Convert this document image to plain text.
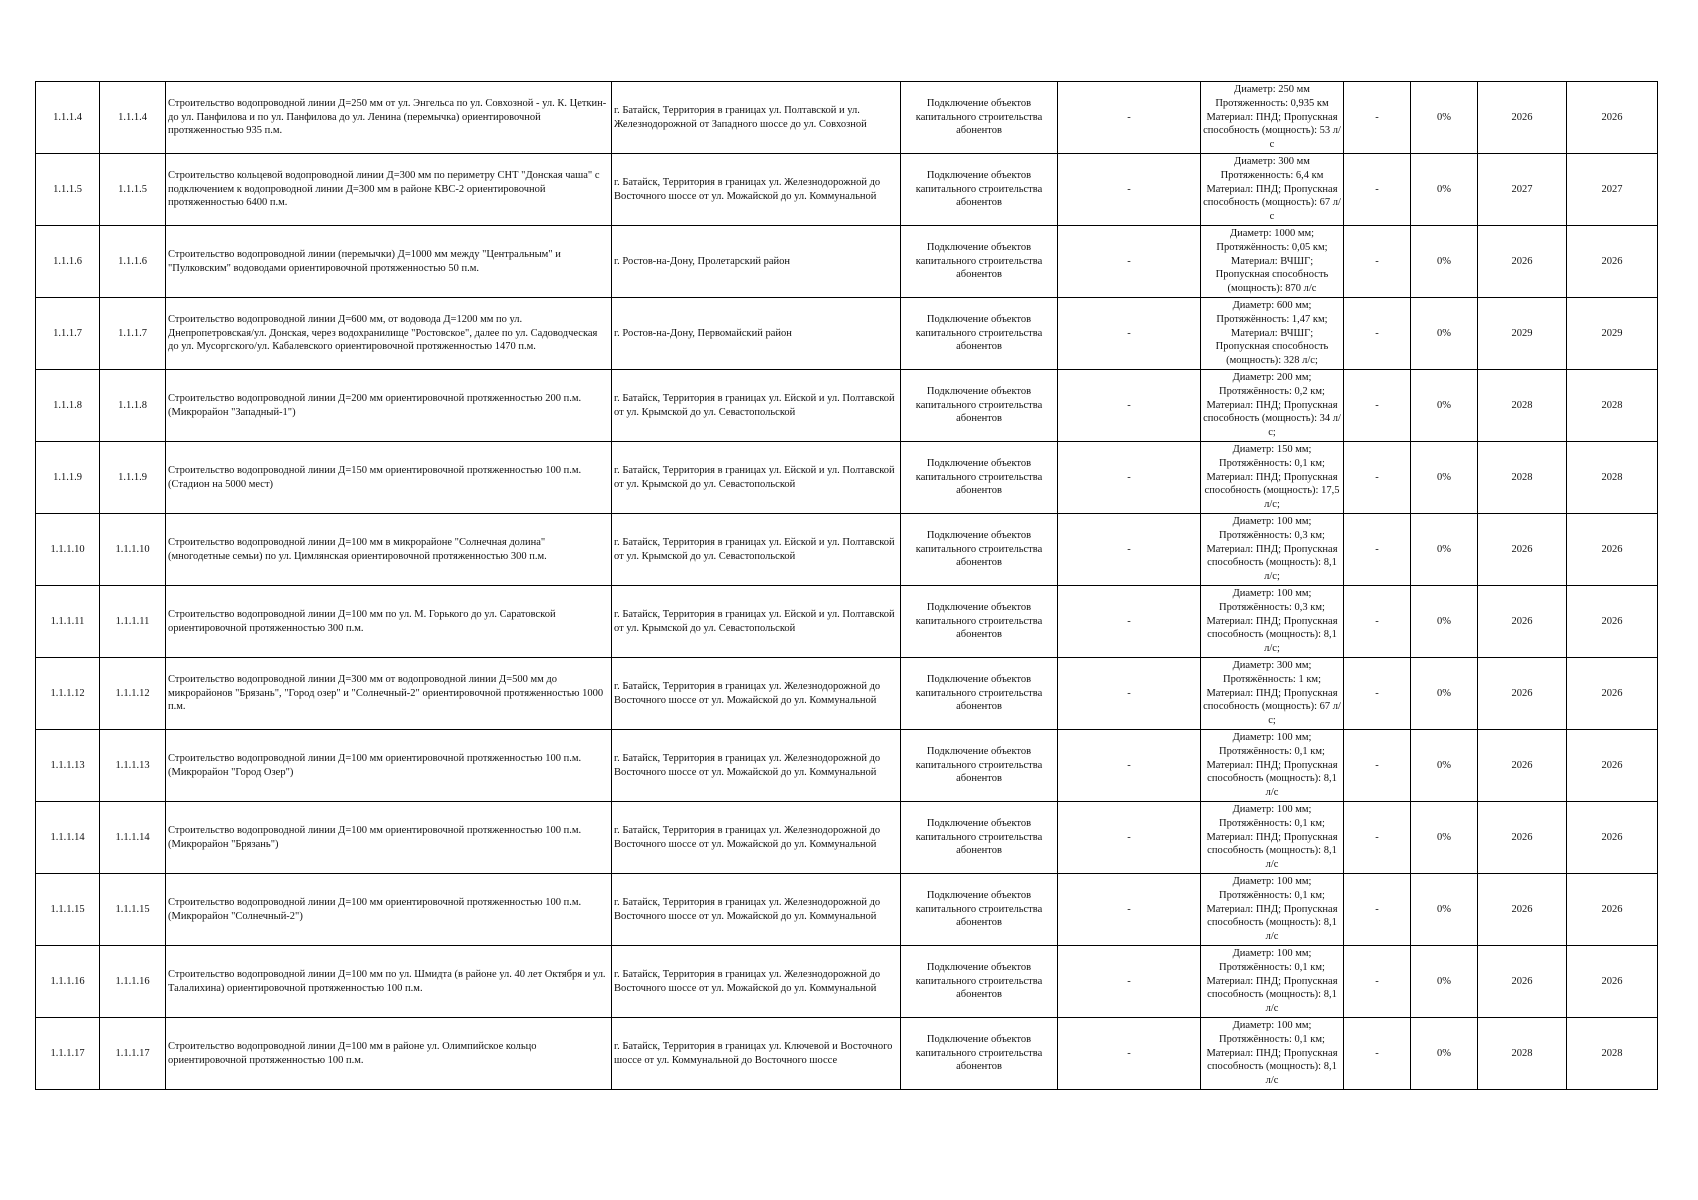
1.1.1.4	1.1.1.4	Строительство водопроводной линии Д=250 мм от ул. Энгельса по ул. Совхозной - ул. К. Цеткин- до ул. Панфилова и по ул. Панфилова до ул. Ленина (перемычка) ориентировочной протяженностью 935 п.м.	г. Батайск, Территория в границах ул. Полтавской и ул. Железнодорожной от Западного шоссе до ул. Совхозной	Подключение объектов капитального строительства абонентов	-	Диаметр: 250 мм Протяженность: 0,935 км Материал: ПНД; Пропускная способность (мощность): 53 л/с	-	0%	2026	2026
1.1.1.5	1.1.1.5	Строительство кольцевой водопроводной линии Д=300 мм по периметру СНТ "Донская чаша" с подключением к водопроводной линии Д=300 мм в районе КВС-2 ориентировочной протяженностью 6400 п.м.	г. Батайск, Территория в границах ул. Железнодорожной до Восточного шоссе от ул. Можайской до ул. Коммунальной	Подключение объектов капитального строительства абонентов	-	Диаметр: 300 мм Протяженность: 6,4 км Материал: ПНД; Пропускная способность (мощность): 67 л/с	-	0%	2027	2027
1.1.1.6	1.1.1.6	Строительство водопроводной линии (перемычки) Д=1000 мм между "Центральным" и "Пулковским" водоводами ориентировочной протяженностью 50 п.м.	г. Ростов-на-Дону, Пролетарский район	Подключение объектов капитального строительства абонентов	-	Диаметр: 1000 мм; Протяжённость: 0,05 км; Материал: ВЧШГ; Пропускная способность (мощность): 870 л/с	-	0%	2026	2026
1.1.1.7	1.1.1.7	Строительство водопроводной линии Д=600 мм, от водовода Д=1200 мм по ул. Днепропетровская/ул. Донская, через водохранилище "Ростовское", далее по ул. Садоводческая до ул. Мусоргского/ул. Кабалевского ориентировочной протяженностью 1470 п.м.	г. Ростов-на-Дону, Первомайский район	Подключение объектов капитального строительства абонентов	-	Диаметр: 600 мм; Протяжённость: 1,47 км; Материал: ВЧШГ; Пропускная способность (мощность): 328 л/с;	-	0%	2029	2029
1.1.1.8	1.1.1.8	Строительство водопроводной линии Д=200 мм ориентировочной протяженностью 200 п.м. (Микрорайон "Западный-1")	г. Батайск, Территория в границах ул. Ейской и ул. Полтавской от ул. Крымской до ул. Севастопольской	Подключение объектов капитального строительства абонентов	-	Диаметр: 200 мм; Протяжённость: 0,2 км; Материал: ПНД; Пропускная способность (мощность): 34 л/с;	-	0%	2028	2028
1.1.1.9	1.1.1.9	Строительство водопроводной линии Д=150 мм ориентировочной протяженностью 100 п.м. (Стадион на 5000 мест)	г. Батайск, Территория в границах ул. Ейской и ул. Полтавской от ул. Крымской до ул. Севастопольской	Подключение объектов капитального строительства абонентов	-	Диаметр: 150 мм; Протяжённость: 0,1 км; Материал: ПНД; Пропускная способность (мощность): 17,5 л/с;	-	0%	2028	2028
1.1.1.10	1.1.1.10	Строительство водопроводной линии Д=100 мм в микрорайоне "Солнечная долина" (многодетные семьи) по ул. Цимлянская ориентировочной протяженностью 300 п.м.	г. Батайск, Территория в границах ул. Ейской и ул. Полтавской от ул. Крымской до ул. Севастопольской	Подключение объектов капитального строительства абонентов	-	Диаметр: 100 мм; Протяжённость: 0,3 км; Материал: ПНД; Пропускная способность (мощность): 8,1 л/с;	-	0%	2026	2026
1.1.1.11	1.1.1.11	Строительство водопроводной линии Д=100 мм по ул. М. Горького до ул. Саратовской ориентировочной протяженностью 300 п.м.	г. Батайск, Территория в границах ул. Ейской и ул. Полтавской от ул. Крымской до ул. Севастопольской	Подключение объектов капитального строительства абонентов	-	Диаметр: 100 мм; Протяжённость: 0,3 км; Материал: ПНД; Пропускная способность (мощность): 8,1 л/с;	-	0%	2026	2026
1.1.1.12	1.1.1.12	Строительство водопроводной линии Д=300 мм от водопроводной линии Д=500 мм до микрорайонов "Брязань", "Город озер" и "Солнечный-2" ориентировочной протяженностью 1000 п.м.	г. Батайск, Территория в границах ул. Железнодорожной до Восточного шоссе от ул. Можайской до ул. Коммунальной	Подключение объектов капитального строительства абонентов	-	Диаметр: 300 мм; Протяжённость: 1 км; Материал: ПНД; Пропускная способность (мощность): 67 л/с;	-	0%	2026	2026
1.1.1.13	1.1.1.13	Строительство водопроводной линии Д=100 мм ориентировочной протяженностью 100 п.м. (Микрорайон "Город Озер")	г. Батайск, Территория в границах ул. Железнодорожной до Восточного шоссе от ул. Можайской до ул. Коммунальной	Подключение объектов капитального строительства абонентов	-	Диаметр: 100 мм; Протяжённость: 0,1 км; Материал: ПНД; Пропускная способность (мощность): 8,1 л/с	-	0%	2026	2026
1.1.1.14	1.1.1.14	Строительство водопроводной линии Д=100 мм ориентировочной протяженностью 100 п.м. (Микрорайон "Брязань")	г. Батайск, Территория в границах ул. Железнодорожной до Восточного шоссе от ул. Можайской до ул. Коммунальной	Подключение объектов капитального строительства абонентов	-	Диаметр: 100 мм; Протяжённость: 0,1 км; Материал: ПНД; Пропускная способность (мощность): 8,1 л/с	-	0%	2026	2026
1.1.1.15	1.1.1.15	Строительство водопроводной линии Д=100 мм ориентировочной протяженностью 100 п.м. (Микрорайон "Солнечный-2")	г. Батайск, Территория в границах ул. Железнодорожной до Восточного шоссе от ул. Можайской до ул. Коммунальной	Подключение объектов капитального строительства абонентов	-	Диаметр: 100 мм; Протяжённость: 0,1 км; Материал: ПНД; Пропускная способность (мощность): 8,1 л/с	-	0%	2026	2026
1.1.1.16	1.1.1.16	Строительство водопроводной линии Д=100 мм по ул. Шмидта (в районе ул. 40 лет Октября и ул. Талалихина) ориентировочной протяженностью 100 п.м.	г. Батайск, Территория в границах ул. Железнодорожной до Восточного шоссе от ул. Можайской до ул. Коммунальной	Подключение объектов капитального строительства абонентов	-	Диаметр: 100 мм; Протяжённость: 0,1 км; Материал: ПНД; Пропускная способность (мощность): 8,1 л/с	-	0%	2026	2026
1.1.1.17	1.1.1.17	Строительство водопроводной линии Д=100 мм в районе ул. Олимпийское кольцо ориентировочной протяженностью 100 п.м.	г. Батайск, Территория в границах ул. Ключевой и Восточного шоссе от ул. Коммунальной до Восточного шоссе	Подключение объектов капитального строительства абонентов	-	Диаметр: 100 мм; Протяжённость: 0,1 км; Материал: ПНД; Пропускная способность (мощность): 8,1 л/с	-	0%	2028	2028
